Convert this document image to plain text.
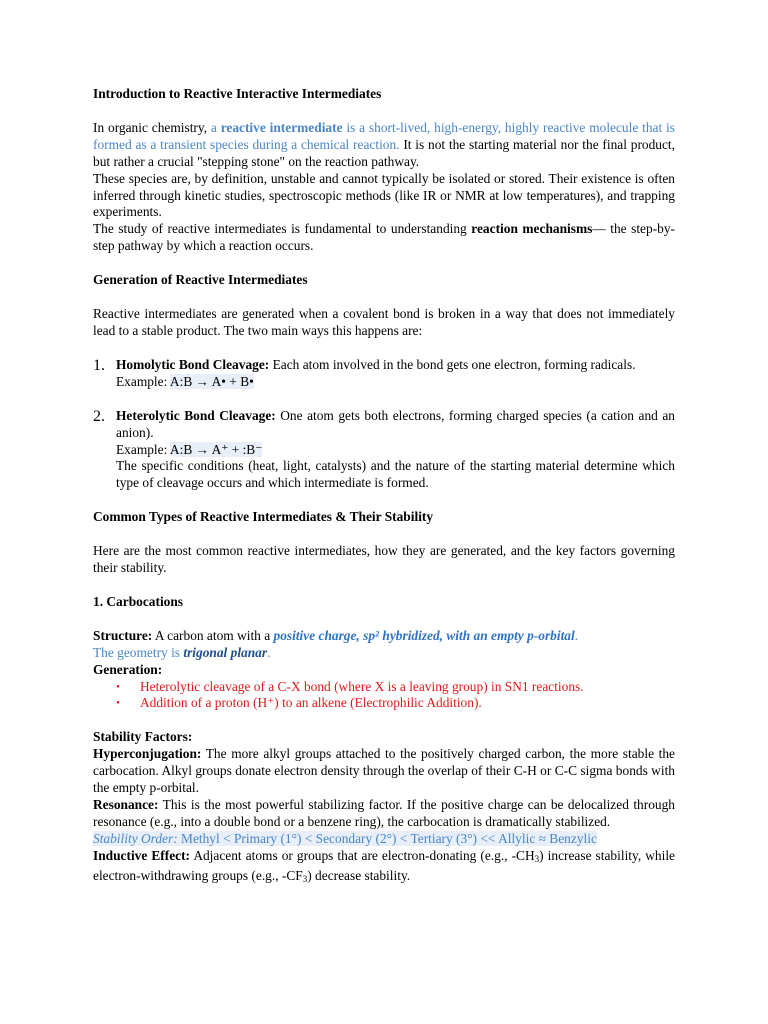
Introduction to Reactive Interactive Intermediates

In organic chemistry, a reactive intermediate is a short-lived, high-energy, highly reactive molecule that is formed as a transient species during a chemical reaction. It is not the starting material nor the final product, but rather a crucial "stepping stone" on the reaction pathway.

These species are, by definition, unstable and cannot typically be isolated or stored. Their existence is often inferred through kinetic studies, spectroscopic methods (like IR or NMR at low temperatures), and trapping experiments.

The study of reactive intermediates is fundamental to understanding reaction mechanisms— the step-by-step pathway by which a reaction occurs.

Generation of Reactive Intermediates

Reactive intermediates are generated when a covalent bond is broken in a way that does not immediately lead to a stable product. The two main ways this happens are:

1. Homolytic Bond Cleavage: Each atom involved in the bond gets one electron, forming radicals.

Example: A:B → A• + B•

2. Heterolytic Bond Cleavage: One atom gets both electrons, forming charged species (a cation and an anion).

Example: A:B → A⁺ + :B⁻

The specific conditions (heat, light, catalysts) and the nature of the starting material determine which type of cleavage occurs and which intermediate is formed.

Common Types of Reactive Intermediates & Their Stability

Here are the most common reactive intermediates, how they are generated, and the key factors governing their stability.

1. Carbocations

Structure: A carbon atom with a positive charge, sp² hybridized, with an empty p-orbital.

The geometry is trigonal planar.

Generation:

• Heterolytic cleavage of a C-X bond (where X is a leaving group) in SN1 reactions.
• Addition of a proton (H⁺) to an alkene (Electrophilic Addition).

Stability Factors:

Hyperconjugation: The more alkyl groups attached to the positively charged carbon, the more stable the carbocation. Alkyl groups donate electron density through the overlap of their C-H or C-C sigma bonds with the empty p-orbital.

Resonance: This is the most powerful stabilizing factor. If the positive charge can be delocalized through resonance (e.g., into a double bond or a benzene ring), the carbocation is dramatically stabilized.

Stability Order: Methyl < Primary (1°) < Secondary (2°) < Tertiary (3°) << Allylic ≈ Benzylic

Inductive Effect: Adjacent atoms or groups that are electron-donating (e.g., $-CH_3$) increase stability, while electron-withdrawing groups (e.g., $-CF_3$) decrease stability.
